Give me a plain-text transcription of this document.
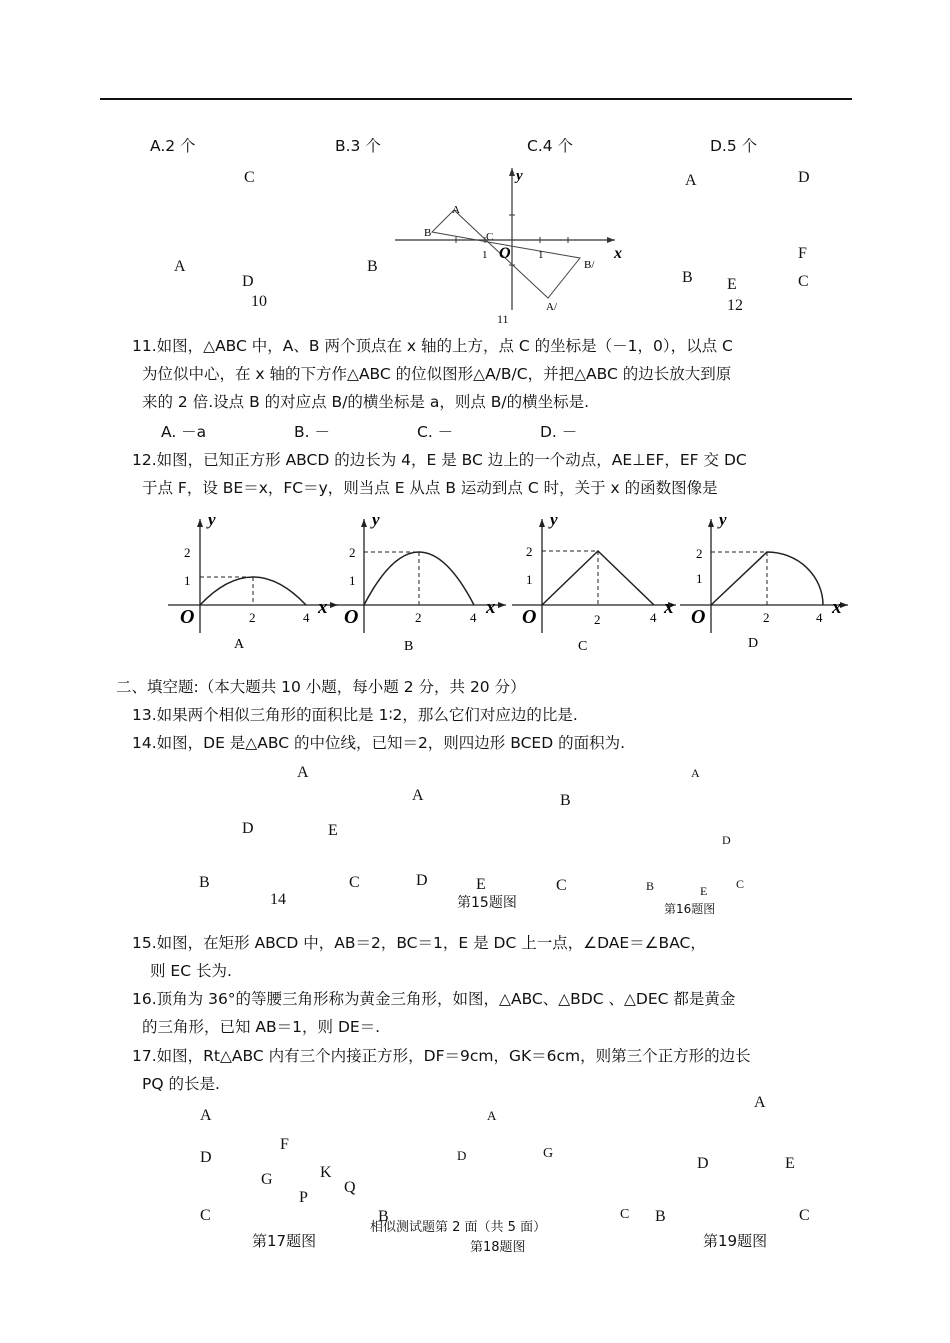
A.2 个	B.3 个	C.4 个	D.5 个
C
A
D
10
B
y
x
O
1	1
A
B	C
B/
A/
11
A	D
F
B E	C
12
11.如图，△ABC 中，A、B 两个顶点在 x 轴的上方，点 C 的坐标是（－1，0），以点 C
为位似中心，在 x 轴的下方作△ABC 的位似图形△A/B/C，并把△ABC 的边长放大到原
来的 2 倍.设点 B 的对应点 B/的横坐标是 a，则点 B/的横坐标是.
A. －a	B. －	C. －	D. －
12.如图，已知正方形 ABCD 的边长为 4，E 是 BC 边上的一个动点，AE⊥EF，EF 交 DC
于点 F，设 BE＝x，FC＝y，则当点 E 从点 B 运动到点 C 时，关于 x 的函数图像是
y
x
O
2
1
2	4
A
y
x
O
2
1
2	4
B
y
x
O
2
1
2	4
C
y
x
O
2
1
2	4
D
二、填空题:（本大题共 10 小题，每小题 2 分，共 20 分）
13.如果两个相似三角形的面积比是 1∶2，那么它们对应边的比是.
14.如图，DE 是△ABC 的中位线，已知＝2，则四边形 BCED 的面积为.
A
D	E
B	C
14
A	B
D	E	C
第15题图
A
D
B	E C
第16题图
15.如图，在矩形 ABCD 中，AB＝2，BC＝1，E 是 DC 上一点，∠DAE＝∠BAC，
则 EC 长为.
16.顶角为 36°的等腰三角形称为黄金三角形，如图，△ABC、△BDC 、△DEC 都是黄金
的三角形，已知 AB＝1，则 DE＝.
17.如图，Rt△ABC 内有三个内接正方形，DF＝9cm，GK＝6cm，则第三个正方形的边长
PQ 的长是.
A
F
D
K
G	Q
P
C	B
第17题图
A
D	G
C
第18题图
相似测试题第 2 面（共 5 面）
A
D	E
B	C
第19题图
